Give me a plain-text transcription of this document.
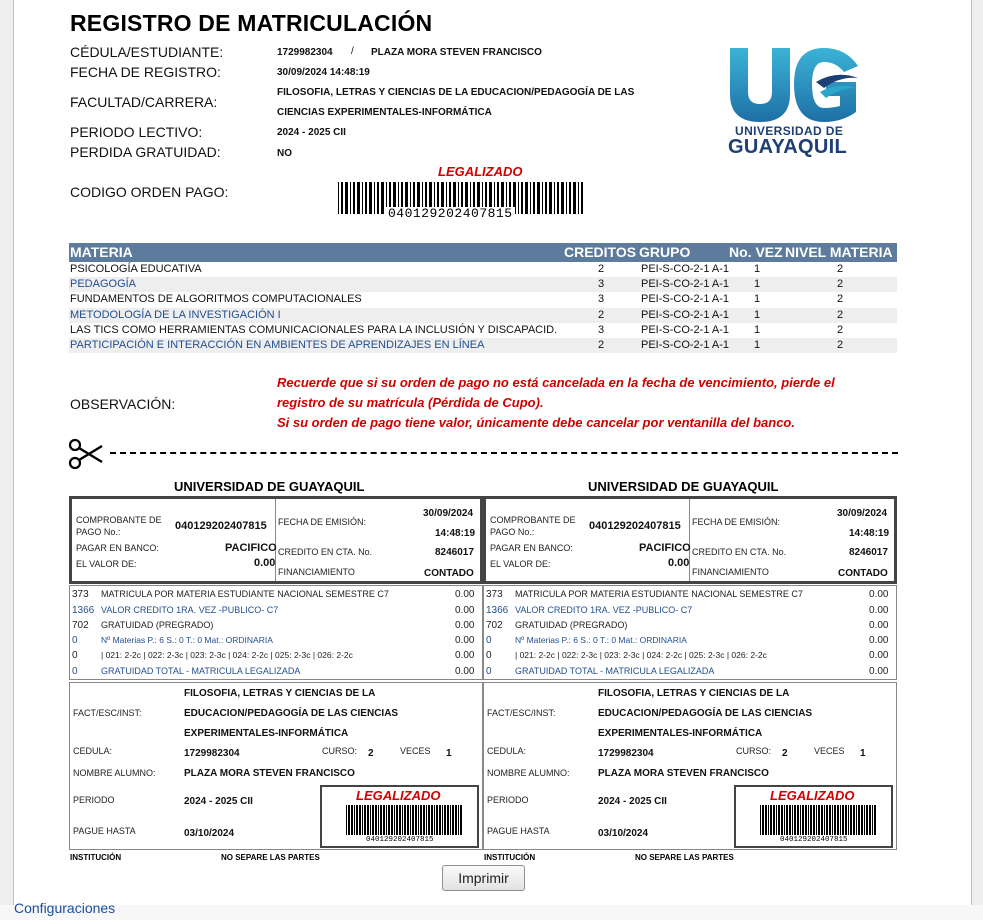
REGISTRO DE MATRICULACIÓN
CÉDULA/ESTUDIANTE:	1729982304 / PLAZA MORA STEVEN FRANCISCO
FECHA DE REGISTRO:	30/09/2024 14:48:19
FACULTAD/CARRERA:
FILOSOFIA, LETRAS Y CIENCIAS DE LA EDUCACION/PEDAGOGÍA DE LAS
CIENCIAS EXPERIMENTALES-INFORMÁTICA
PERIODO LECTIVO:	2024 - 2025 CII
PERDIDA GRATUIDAD:	NO
CODIGO ORDEN PAGO:
LEGALIZADO
040129202407815
UNIVERSIDAD DE
GUAYAQUIL
MATERIA	CREDITOS GRUPO	No. VEZ NIVEL MATERIA
PSICOLOGÍA EDUCATIVA	2	PEI-S-CO-2-1 A-1 1	2
PEDAGOGÍA	3	PEI-S-CO-2-1 A-1 1	2
FUNDAMENTOS DE ALGORITMOS COMPUTACIONALES	3	PEI-S-CO-2-1 A-1 1	2
METODOLOGÍA DE LA INVESTIGACIÓN I	2	PEI-S-CO-2-1 A-1 1	2
LAS TICS COMO HERRAMIENTAS COMUNICACIONALES PARA LA INCLUSIÓN Y DISCAPACID.	3	PEI-S-CO-2-1 A-1 1	2
PARTICIPACIÓN E INTERACCIÓN EN AMBIENTES DE APRENDIZAJES EN LÍNEA	2	PEI-S-CO-2-1 A-1 1	2
OBSERVACIÓN:
Recuerde que si su orden de pago no está cancelada en la fecha de vencimiento, pierde el
registro de su matrícula (Pérdida de Cupo).
Si su orden de pago tiene valor, únicamente debe cancelar por ventanilla del banco.
UNIVERSIDAD DE GUAYAQUIL
COMPROBANTE DE
PAGO No.:	040129202407815
PAGAR EN BANCO:	PACIFICO
EL VALOR DE:	0.00
FECHA DE EMISIÓN:
30/09/2024
14:48:19
CREDITO EN CTA. No.	8246017
FINANCIAMIENTO	CONTADO
373 MATRICULA POR MATERIA ESTUDIANTE NACIONAL SEMESTRE C7	0.00
1366 VALOR CREDITO 1RA. VEZ -PUBLICO- C7	0.00
702 GRATUIDAD (PREGRADO)	0.00
0	Nº Materias P.: 6 S.: 0 T.: 0 Mat.: ORDINARIA	0.00
0	| 021: 2-2c | 022: 2-3c | 023: 2-3c | 024: 2-2c | 025: 2-3c | 026: 2-2c	0.00
0	GRATUIDAD TOTAL - MATRICULA LEGALIZADA	0.00
FACT/ESC/INST:
FILOSOFIA, LETRAS Y CIENCIAS DE LA
EDUCACION/PEDAGOGÍA DE LAS CIENCIAS
EXPERIMENTALES-INFORMÁTICA
CEDULA:	1729982304	CURSO: 2	VECES 1
NOMBRE ALUMNO:	PLAZA MORA STEVEN FRANCISCO
PERIODO	2024 - 2025 CII
PAGUE HASTA	03/10/2024
LEGALIZADO
040129202407815
INSTITUCIÓN	NO SEPARE LAS PARTES
UNIVERSIDAD DE GUAYAQUIL
COMPROBANTE DE
PAGO No.:	040129202407815
PAGAR EN BANCO:	PACIFICO
EL VALOR DE:	0.00
FECHA DE EMISIÓN:
30/09/2024
14:48:19
CREDITO EN CTA. No.	8246017
FINANCIAMIENTO	CONTADO
373 MATRICULA POR MATERIA ESTUDIANTE NACIONAL SEMESTRE C7	0.00
1366 VALOR CREDITO 1RA. VEZ -PUBLICO- C7	0.00
702 GRATUIDAD (PREGRADO)	0.00
0	Nº Materias P.: 6 S.: 0 T.: 0 Mat.: ORDINARIA	0.00
0	| 021: 2-2c | 022: 2-3c | 023: 2-3c | 024: 2-2c | 025: 2-3c | 026: 2-2c	0.00
0	GRATUIDAD TOTAL - MATRICULA LEGALIZADA	0.00
FACT/ESC/INST:
FILOSOFIA, LETRAS Y CIENCIAS DE LA
EDUCACION/PEDAGOGÍA DE LAS CIENCIAS
EXPERIMENTALES-INFORMÁTICA
CEDULA:	1729982304	CURSO: 2	VECES 1
NOMBRE ALUMNO:	PLAZA MORA STEVEN FRANCISCO
PERIODO	2024 - 2025 CII
PAGUE HASTA	03/10/2024
LEGALIZADO
040129202407815
INSTITUCIÓN	NO SEPARE LAS PARTES
Imprimir
Configuraciones
